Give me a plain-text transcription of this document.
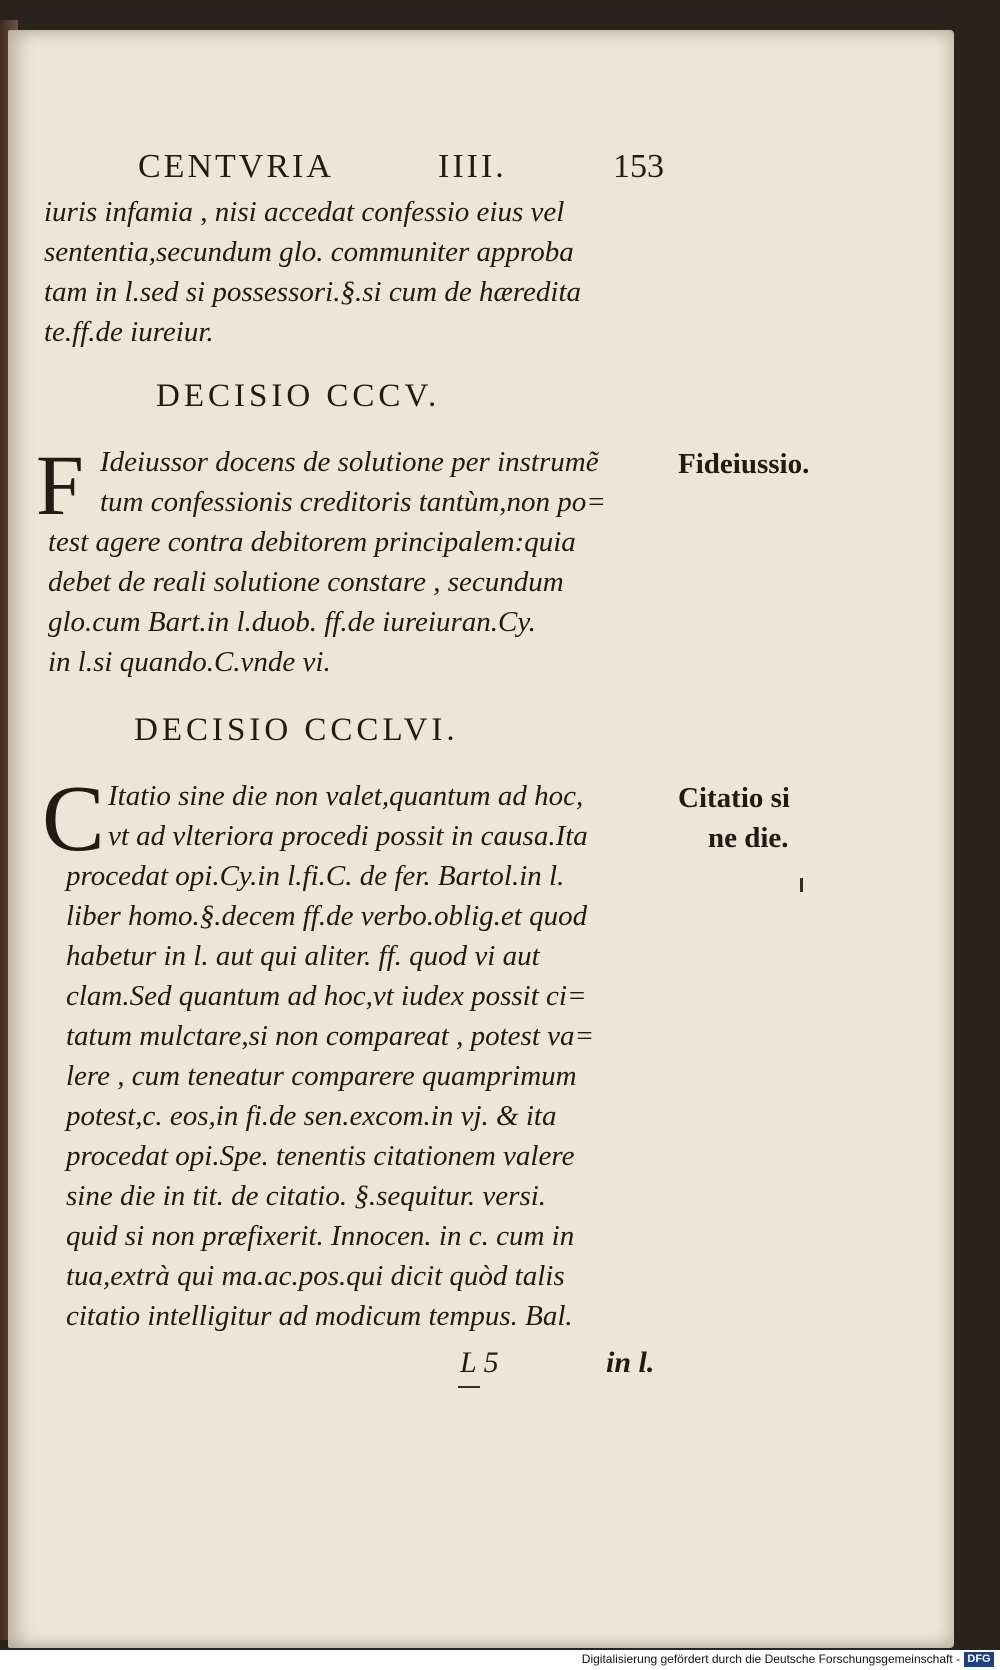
CENTVRIA	IIII.	153
iuris infamia , nisi accedat confessio eius vel
sententia,secundum glo. communiter approba
tam in l.sed si possessori.§.si cum de hæredita
te.ff.de iureiur.
DECISIO CCCV.
F	Fideiussio.
Ideiussor docens de solutione per instrumẽ
tum confessionis creditoris tantùm,non po=
test agere contra debitorem principalem:quia
debet de reali solutione constare , secundum
glo.cum Bart.in l.duob. ff.de iureiuran.Cy.
in l.si quando.C.vnde vi.
DECISIO CCCLVI.
C	Citatio si
ne die.
Itatio sine die non valet,quantum ad hoc,
vt ad vlteriora procedi possit in causa.Ita
procedat opi.Cy.in l.fi.C. de fer. Bartol.in l.
liber homo.§.decem ff.de verbo.oblig.et quod
habetur in l. aut qui aliter. ff. quod vi aut
clam.Sed quantum ad hoc,vt iudex possit ci=
tatum mulctare,si non compareat , potest va=
lere , cum teneatur comparere quamprimum
potest,c. eos,in fi.de sen.excom.in vj. & ita
procedat opi.Spe. tenentis citationem valere
sine die in tit. de citatio. §.sequitur. versi.
quid si non præfixerit. Innocen. in c. cum in
tua,extrà qui ma.ac.pos.qui dicit quòd talis
citatio intelligitur ad modicum tempus. Bal.
L 5	in l.
Digitalisierung gefördert durch die Deutsche Forschungsgemeinschaft - DFG
